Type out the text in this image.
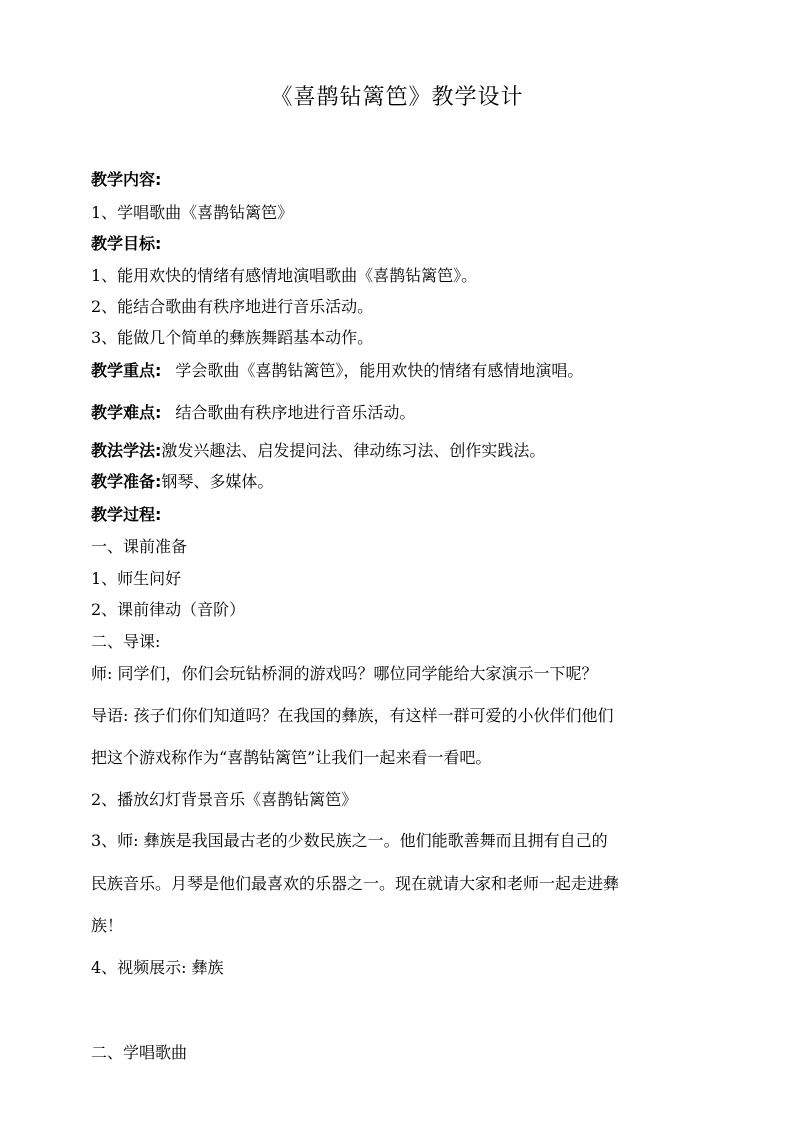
《喜鹊钻篱笆》教学设计
教学内容:
1、学唱歌曲《喜鹊钻篱笆》
教学目标:
1、能用欢快的情绪有感情地演唱歌曲《喜鹊钻篱笆》。
2、能结合歌曲有秩序地进行音乐活动。
3、能做几个简单的彝族舞蹈基本动作。
教学重点: 学会歌曲《喜鹊钻篱笆》，能用欢快的情绪有感情地演唱。
教学难点: 结合歌曲有秩序地进行音乐活动。
教法学法:激发兴趣法、启发提问法、律动练习法、创作实践法。
教学准备:钢琴、多媒体。
教学过程:
一、课前准备
1、师生问好
2、课前律动（音阶）
二、导课:
师: 同学们，你们会玩钻桥洞的游戏吗？哪位同学能给大家演示一下呢？
导语: 孩子们你们知道吗？在我国的彝族，有这样一群可爱的小伙伴们他们
把这个游戏称作为“喜鹊钻篱笆”让我们一起来看一看吧。
2、播放幻灯背景音乐《喜鹊钻篱笆》
3、师: 彝族是我国最古老的少数民族之一。他们能歌善舞而且拥有自己的
民族音乐。月琴是他们最喜欢的乐器之一。现在就请大家和老师一起走进彝
族！
4、视频展示: 彝族
二、学唱歌曲
